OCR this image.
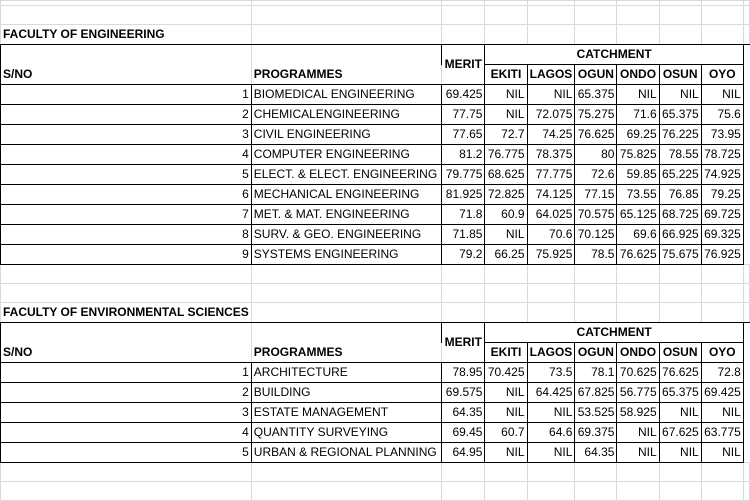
FACULTY OF ENGINEERING									
		MERIT	CATCHMENT						
S/NO	PROGRAMMES		EKITI	LAGOS	OGUN	ONDO	OSUN	OYO	
1	BIOMEDICAL ENGINEERING	69.425	NIL	NIL	65.375	NIL	NIL	NIL	
2	CHEMICALENGINEERING	77.75	NIL	72.075	75.275	71.6	65.375	75.6	
3	CIVIL ENGINEERING	77.65	72.7	74.25	76.625	69.25	76.225	73.95	
4	COMPUTER ENGINEERING	81.2	76.775	78.375	80	75.825	78.55	78.725	
5	ELECT. & ELECT. ENGINEERING	79.775	68.625	77.775	72.6	59.85	65.225	74.925	
6	MECHANICAL ENGINEERING	81.925	72.825	74.125	77.15	73.55	76.85	79.25	
7	MET. & MAT. ENGINEERING	71.8	60.9	64.025	70.575	65.125	68.725	69.725	
8	SURV. & GEO. ENGINEERING	71.85	NIL	70.6	70.125	69.6	66.925	69.325	
9	SYSTEMS ENGINEERING	79.2	66.25	75.925	78.5	76.625	75.675	76.925	

FACULTY OF ENVIRONMENTAL SCIENCES									
		MERIT	CATCHMENT						
S/NO	PROGRAMMES		EKITI	LAGOS	OGUN	ONDO	OSUN	OYO	
1	ARCHITECTURE	78.95	70.425	73.5	78.1	70.625	76.625	72.8	
2	BUILDING	69.575	NIL	64.425	67.825	56.775	65.375	69.425	
3	ESTATE MANAGEMENT	64.35	NIL	NIL	53.525	58.925	NIL	NIL	
4	QUANTITY SURVEYING	69.45	60.7	64.6	69.375	NIL	67.625	63.775	
5	URBAN & REGIONAL PLANNING	64.95	NIL	NIL	64.35	NIL	NIL	NIL	
